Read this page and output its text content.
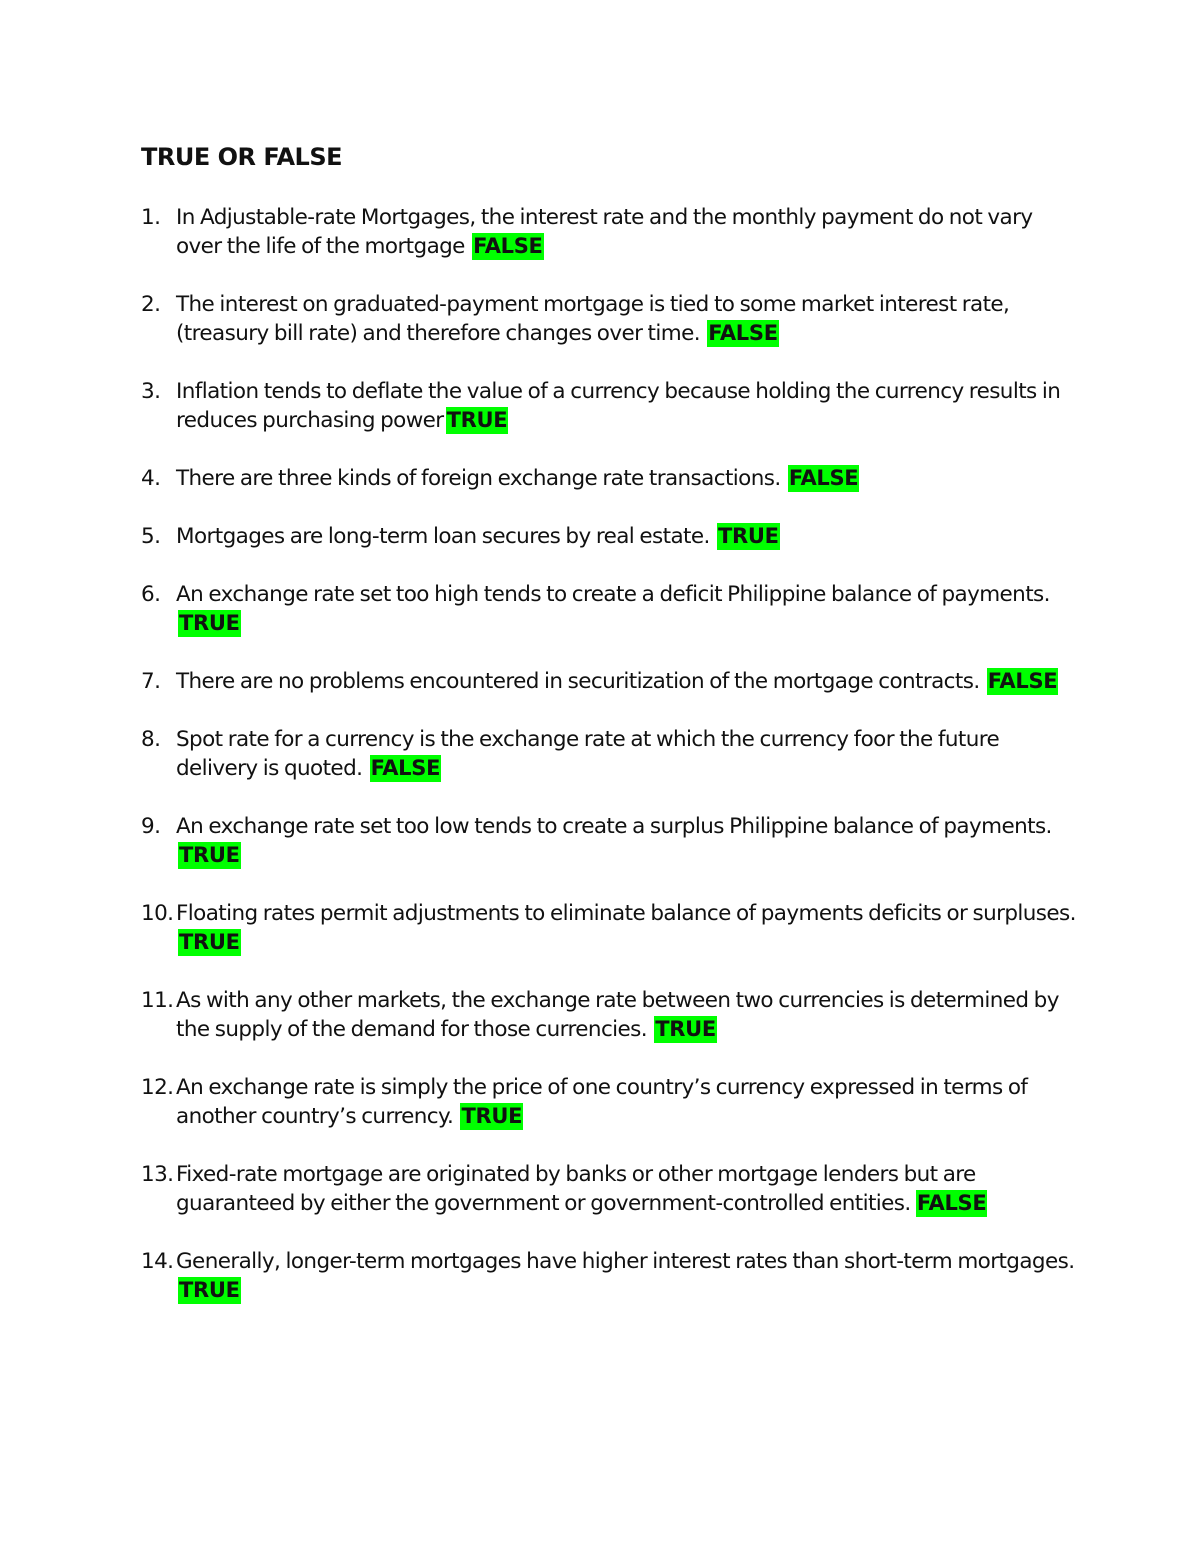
TRUE OR FALSE
1. In Adjustable-rate Mortgages, the interest rate and the monthly payment do not vary over the life of the mortgage FALSE
2. The interest on graduated-payment mortgage is tied to some market interest rate, (treasury bill rate) and therefore changes over time. FALSE
3. Inflation tends to deflate the value of a currency because holding the currency results in reduces purchasing power TRUE
4. There are three kinds of foreign exchange rate transactions. FALSE
5. Mortgages are long-term loan secures by real estate. TRUE
6. An exchange rate set too high tends to create a deficit Philippine balance of payments. TRUE
7. There are no problems encountered in securitization of the mortgage contracts. FALSE
8. Spot rate for a currency is the exchange rate at which the currency foor the future delivery is quoted. FALSE
9. An exchange rate set too low tends to create a surplus Philippine balance of payments. TRUE
10. Floating rates permit adjustments to eliminate balance of payments deficits or surpluses. TRUE
11. As with any other markets, the exchange rate between two currencies is determined by the supply of the demand for those currencies. TRUE
12. An exchange rate is simply the price of one country’s currency expressed in terms of another country’s currency. TRUE
13. Fixed-rate mortgage are originated by banks or other mortgage lenders but are guaranteed by either the government or government-controlled entities. FALSE
14. Generally, longer-term mortgages have higher interest rates than short-term mortgages. TRUE
